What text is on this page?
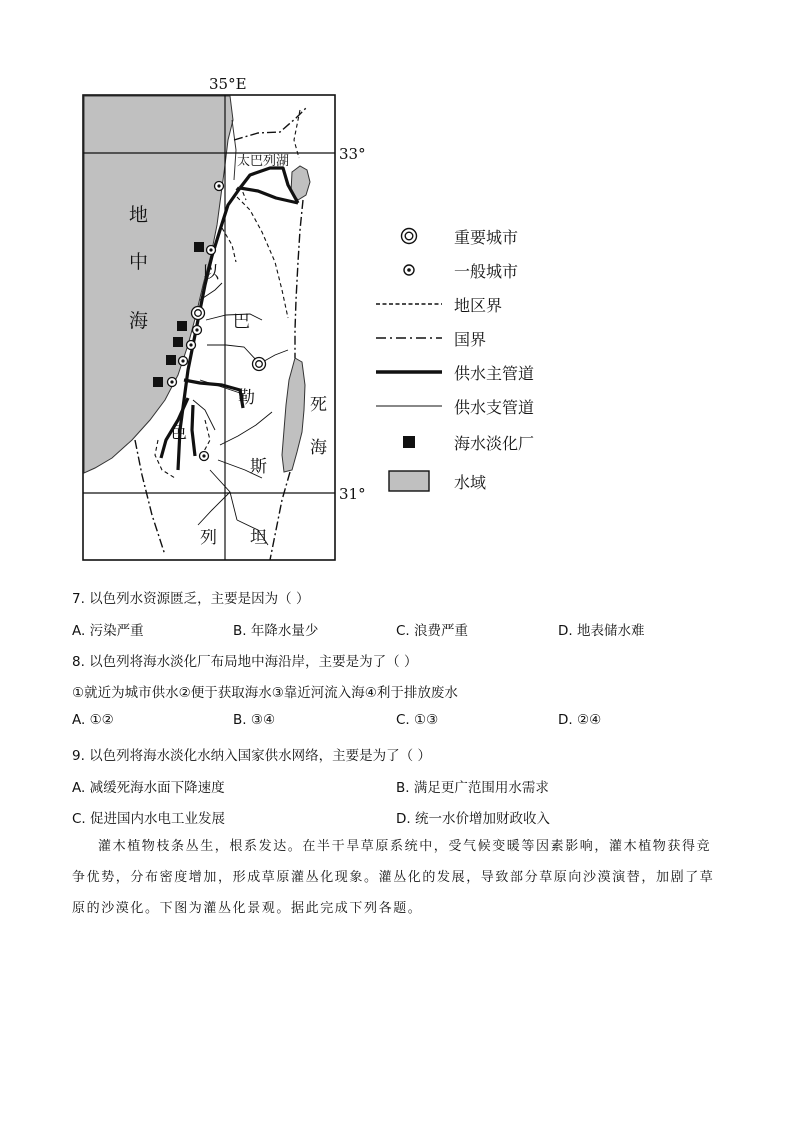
35°E
33°
31°
太巴列湖
地
中
海
以
巴
勒
斯
列 坦
色
死
海
重要城市
一般城市
地区界
国界
供水主管道
供水支管道
海水淡化厂
水域
7. 以色列水资源匮乏，主要是因为（ ）
A. 污染严重	B. 年降水量少	C. 浪费严重	D. 地表储水难
8. 以色列将海水淡化厂布局地中海沿岸，主要是为了（ ）
①就近为城市供水②便于获取海水③靠近河流入海④利于排放废水
A. ①②	B. ③④	C. ①③	D. ②④
9. 以色列将海水淡化水纳入国家供水网络，主要是为了（ ）
A. 减缓死海水面下降速度	B. 满足更广范围用水需求
C. 促进国内水电工业发展	D. 统一水价增加财政收入
灌木植物枝条丛生，根系发达。在半干旱草原系统中，受气候变暖等因素影响，灌木植物获得竞争优势，分布密度增加，形成草原灌丛化现象。灌丛化的发展，导致部分草原向沙漠演替，加剧了草原的沙漠化。下图为灌丛化景观。据此完成下列各题。
